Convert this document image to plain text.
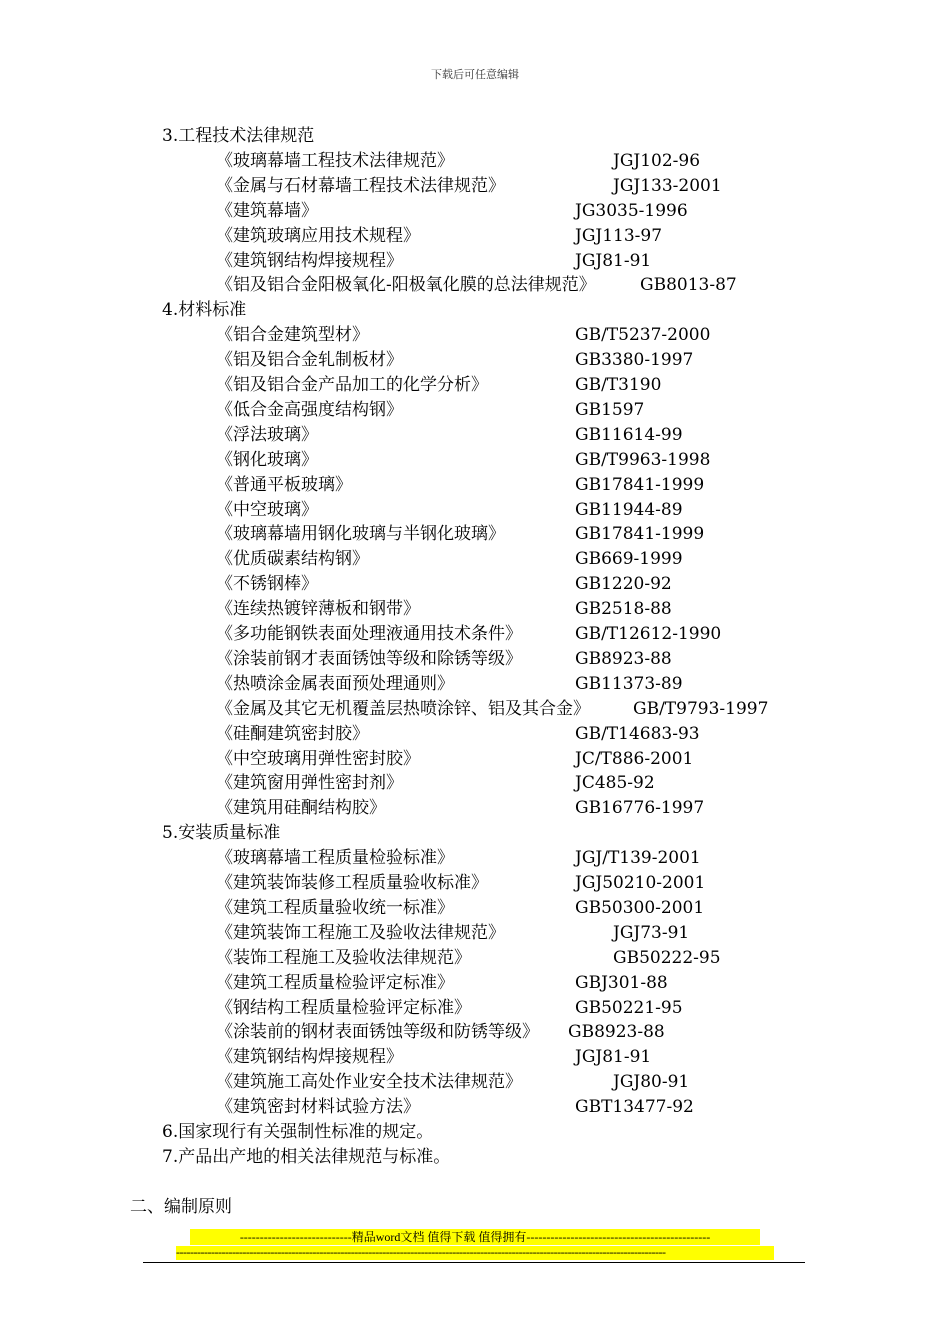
下载后可任意编辑
3.工程技术法律规范
《玻璃幕墙工程技术法律规范》	JGJ102-96
《金属与石材幕墙工程技术法律规范》	JGJ133-2001
《建筑幕墙》	JG3035-1996
《建筑玻璃应用技术规程》	JGJ113-97
《建筑钢结构焊接规程》	JGJ81-91
《铝及铝合金阳极氧化-阳极氧化膜的总法律规范》	GB8013-87
4.材料标准
《铝合金建筑型材》	GB/T5237-2000
《铝及铝合金轧制板材》	GB3380-1997
《铝及铝合金产品加工的化学分析》	GB/T3190
《低合金高强度结构钢》	GB1597
《浮法玻璃》	GB11614-99
《钢化玻璃》	GB/T9963-1998
《普通平板玻璃》	GB17841-1999
《中空玻璃》	GB11944-89
《玻璃幕墙用钢化玻璃与半钢化玻璃》	GB17841-1999
《优质碳素结构钢》	GB669-1999
《不锈钢棒》	GB1220-92
《连续热镀锌薄板和钢带》	GB2518-88
《多功能钢铁表面处理液通用技术条件》	GB/T12612-1990
《涂装前钢才表面锈蚀等级和除锈等级》	GB8923-88
《热喷涂金属表面预处理通则》	GB11373-89
《金属及其它无机覆盖层热喷涂锌、铝及其合金》	GB/T9793-1997
《硅酮建筑密封胶》	GB/T14683-93
《中空玻璃用弹性密封胶》	JC/T886-2001
《建筑窗用弹性密封剂》	JC485-92
《建筑用硅酮结构胶》	GB16776-1997
5.安装质量标准
《玻璃幕墙工程质量检验标准》	JGJ/T139-2001
《建筑装饰装修工程质量验收标准》	JGJ50210-2001
《建筑工程质量验收统一标准》	GB50300-2001
《建筑装饰工程施工及验收法律规范》	JGJ73-91
《装饰工程施工及验收法律规范》	GB50222-95
《建筑工程质量检验评定标准》	GBJ301-88
《钢结构工程质量检验评定标准》	GB50221-95
《涂装前的钢材表面锈蚀等级和防锈等级》 GB8923-88
《建筑钢结构焊接规程》	JGJ81-91
《建筑施工高处作业安全技术法律规范》	JGJ80-91
《建筑密封材料试验方法》	GBT13477-92
6.国家现行有关强制性标准的规定。
7.产品出产地的相关法律规范与标准。
二、编制原则
----------------------------精品word文档 值得下载 值得拥有----------------------------------------------
--------------------------------------------------------------------------------------------------------------------------------------------
